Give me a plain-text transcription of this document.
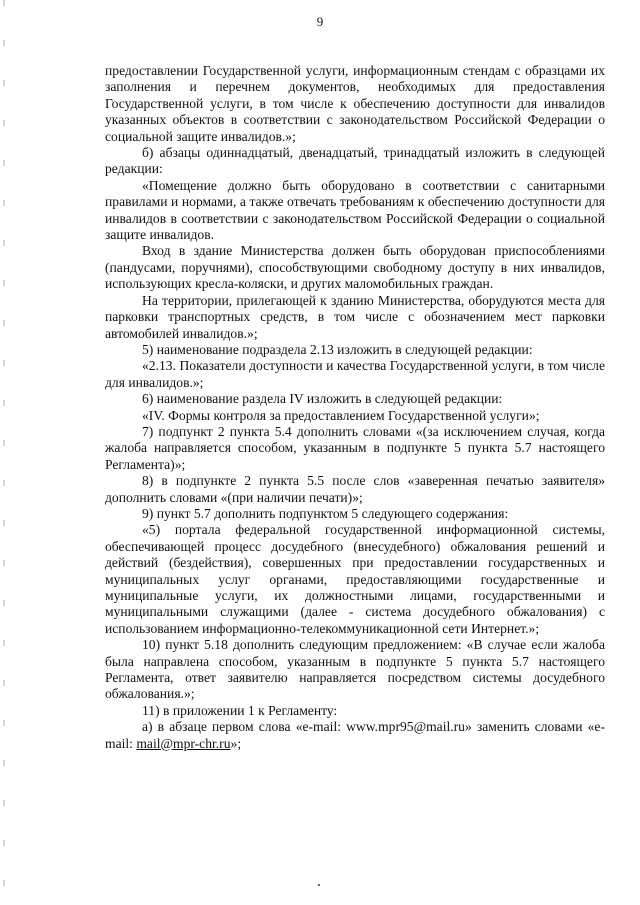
9

предоставлении Государственной услуги, информационным стендам с образцами их заполнения и перечнем документов, необходимых для предоставления Государственной услуги, в том числе к обеспечению доступности для инвалидов указанных объектов в соответствии с законодательством Российской Федерации о социальной защите инвалидов.»;

б) абзацы одиннадцатый, двенадцатый, тринадцатый изложить в следующей редакции:

«Помещение должно быть оборудовано в соответствии с санитарными правилами и нормами, а также отвечать требованиям к обеспечению доступности для инвалидов в соответствии с законодательством Российской Федерации о социальной защите инвалидов.

Вход в здание Министерства должен быть оборудован приспособлениями (пандусами, поручнями), способствующими свободному доступу в них инвалидов, использующих кресла-коляски, и других маломобильных граждан.

На территории, прилегающей к зданию Министерства, оборудуются места для парковки транспортных средств, в том числе с обозначением мест парковки автомобилей инвалидов.»;

5) наименование подраздела 2.13 изложить в следующей редакции:

«2.13. Показатели доступности и качества Государственной услуги, в том числе для инвалидов.»;

6) наименование раздела IV изложить в следующей редакции:

«IV. Формы контроля за предоставлением Государственной услуги»;

7) подпункт 2 пункта 5.4 дополнить словами «(за исключением случая, когда жалоба направляется способом, указанным в подпункте 5 пункта 5.7 настоящего Регламента)»;

8) в подпункте 2 пункта 5.5 после слов «заверенная печатью заявителя» дополнить словами «(при наличии печати)»;

9) пункт 5.7 дополнить подпунктом 5 следующего содержания:

«5) портала федеральной государственной информационной системы, обеспечивающей процесс досудебного (внесудебного) обжалования решений и действий (бездействия), совершенных при предоставлении государственных и муниципальных услуг органами, предоставляющими государственные и муниципальные услуги, их должностными лицами, государственными и муниципальными служащими (далее - система досудебного обжалования) с использованием информационно-телекоммуникационной сети Интернет.»;

10) пункт 5.18 дополнить следующим предложением: «В случае если жалоба была направлена способом, указанным в подпункте 5 пункта 5.7 настоящего Регламента, ответ заявителю направляется посредством системы досудебного обжалования.»;

11) в приложении 1 к Регламенту:

а) в абзаце первом слова «e-mail: www.mpr95@mail.ru» заменить словами «e-mail: mail@mpr-chr.ru»;
